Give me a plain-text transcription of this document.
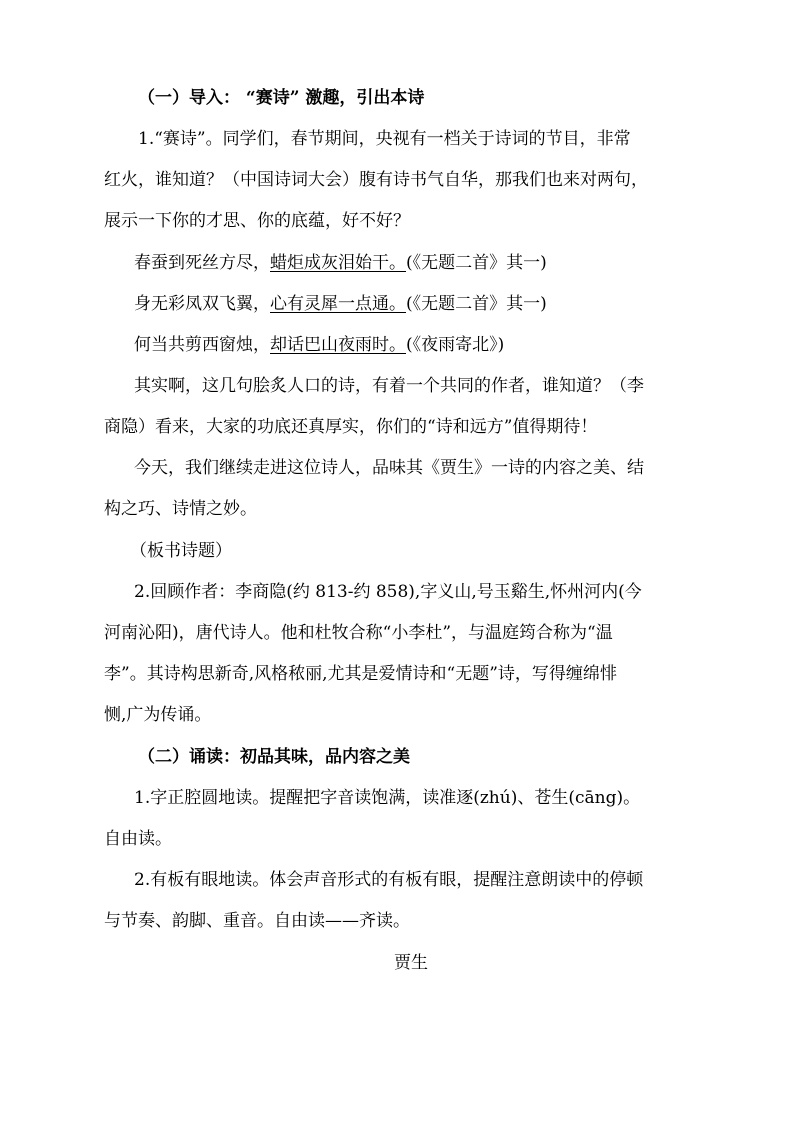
（一）导入： “赛诗” 激趣，引出本诗
1.“赛诗”。同学们，春节期间，央视有一档关于诗词的节目，非常
红火，谁知道？（中国诗词大会）腹有诗书气自华，那我们也来对两句，
展示一下你的才思、你的底蕴，好不好？
春蚕到死丝方尽，蜡炬成灰泪始干。(《无题二首》其一)
身无彩凤双飞翼，心有灵犀一点通。(《无题二首》其一)
何当共剪西窗烛，却话巴山夜雨时。(《夜雨寄北》)
其实啊，这几句脍炙人口的诗，有着一个共同的作者，谁知道？（李
商隐）看来，大家的功底还真厚实，你们的“诗和远方”值得期待！
今天，我们继续走进这位诗人，品味其《贾生》一诗的内容之美、结
构之巧、诗情之妙。
（板书诗题）
2.回顾作者：李商隐(约 813-约 858),字义山,号玉谿生,怀州河内(今
河南沁阳)，唐代诗人。他和杜牧合称“小李杜”，与温庭筠合称为“温
李”。其诗构思新奇,风格秾丽,尤其是爱情诗和“无题”诗，写得缠绵悱
恻,广为传诵。
（二）诵读：初品其味，品内容之美
1.字正腔圆地读。提醒把字音读饱满，读准逐(zhú)、苍生(cāng)。
自由读。
2.有板有眼地读。体会声音形式的有板有眼，提醒注意朗读中的停顿
与节奏、韵脚、重音。自由读——齐读。
贾生
